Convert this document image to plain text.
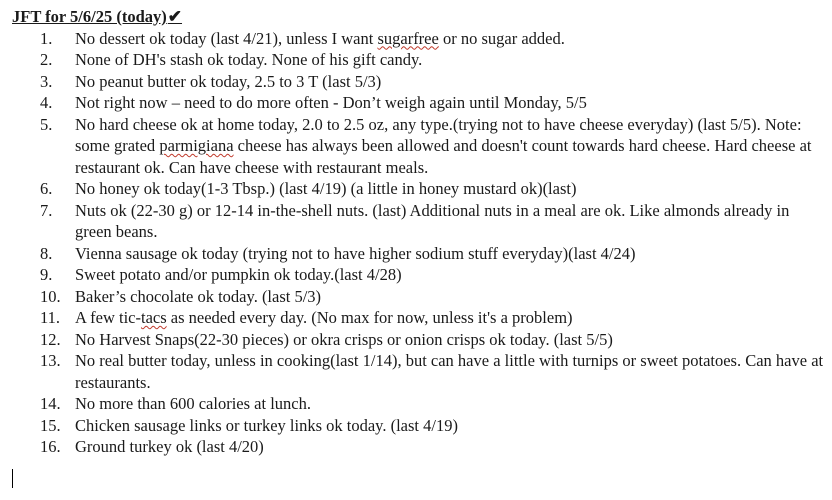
JFT for 5/6/25 (today)✔
1.	No dessert ok today (last 4/21), unless I want sugarfree or no sugar added.
2.	None of DH's stash ok today. None of his gift candy.
3.	No peanut butter ok today, 2.5 to 3 T (last 5/3)
4.	Not right now – need to do more often - Don’t weigh again until Monday, 5/5
5.	No hard cheese ok at home today, 2.0 to 2.5 oz, any type.(trying not to have cheese everyday) (last 5/5). Note: some grated parmigiana cheese has always been allowed and doesn't count towards hard cheese. Hard cheese at restaurant ok. Can have cheese with restaurant meals.
6.	No honey ok today(1-3 Tbsp.) (last 4/19) (a little in honey mustard ok)(last)
7.	Nuts ok (22-30 g) or 12-14 in-the-shell nuts. (last) Additional nuts in a meal are ok. Like almonds already in green beans.
8.	Vienna sausage ok today (trying not to have higher sodium stuff everyday)(last 4/24)
9.	Sweet potato and/or pumpkin ok today.(last 4/28)
10. Baker’s chocolate ok today. (last 5/3)
11. A few tic-tacs as needed every day. (No max for now, unless it's a problem)
12. No Harvest Snaps(22-30 pieces) or okra crisps or onion crisps ok today. (last 5/5)
13. No real butter today, unless in cooking(last 1/14), but can have a little with turnips or sweet potatoes. Can have at restaurants.
14. No more than 600 calories at lunch.
15. Chicken sausage links or turkey links ok today. (last 4/19)
16. Ground turkey ok (last 4/20)
